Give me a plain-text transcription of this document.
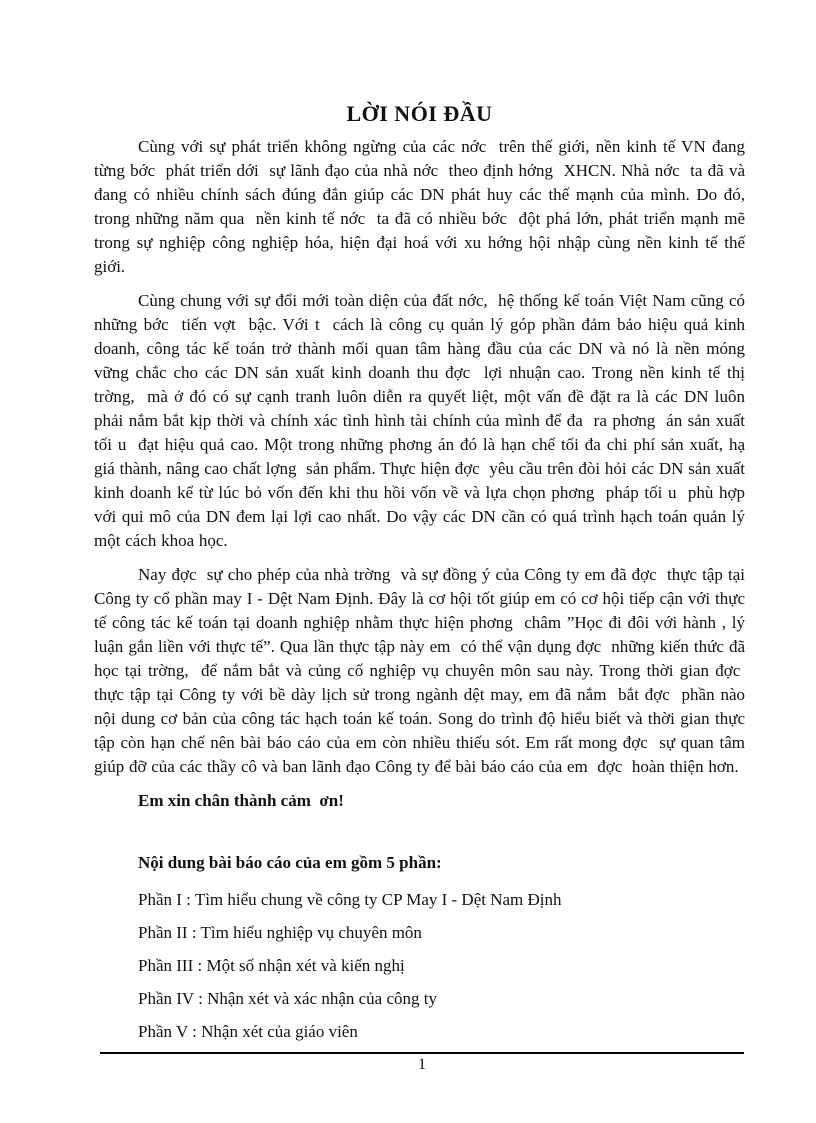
LỜI NÓI ĐẦU

Cùng với sự phát triển không ngừng của các nớc  trên thế giới, nền kinh tế VN đang từng bớc  phát triển dới  sự lãnh đạo của nhà nớc  theo định hớng  XHCN. Nhà nớc  ta đã và đang có nhiều chính sách đúng đắn giúp các DN phát huy các thế mạnh của mình. Do đó, trong những năm qua  nền kinh tế nớc  ta đã có nhiều bớc  đột phá lớn, phát triển mạnh mẽ trong sự nghiệp công nghiệp hóa, hiện đại hoá với xu hớng hội nhập cùng nền kinh tế thế giới.

Cùng chung với sự đổi mới toàn diện của đất nớc,  hệ thống kế toán Việt Nam cũng có những bớc  tiến vợt  bậc. Với t  cách là công cụ quản lý góp phần đảm bảo hiệu quả kinh doanh, công tác kế toán trở thành mối quan tâm hàng đầu của các DN và nó là nền móng vững chắc cho các DN sản xuất kinh doanh thu đợc  lợi nhuận cao. Trong nền kinh tế thị trờng,  mà ở đó có sự cạnh tranh luôn diễn ra quyết liệt, một vấn đề đặt ra là các DN luôn phải nắm bắt kịp thời và chính xác tình hình tài chính của mình để đa  ra phơng  án sản xuất tối u  đạt hiệu quả cao. Một trong những phơng án đó là hạn chế tối đa chi phí sản xuất, hạ giá thành, nâng cao chất lợng  sản phẩm. Thực hiện đợc  yêu cầu trên đòi hỏi các DN sản xuất kinh doanh kể từ lúc bỏ vốn đến khi thu hồi vốn về và lựa chọn phơng  pháp tối u  phù hợp với qui mô của DN đem lại lợi cao nhất. Do vậy các DN cần có quá trình hạch toán quản lý một cách khoa học.

Nay đợc  sự cho phép của nhà trờng  và sự đồng ý của Công ty em đã đợc  thực tập tại Công ty cổ phần may I - Dệt Nam Định. Đây là cơ hội tốt giúp em có cơ hội tiếp cận với thực tế công tác kế toán tại doanh nghiệp nhằm thực hiện phơng  châm ”Học đi đôi với hành , lý luận gắn liền với thực tế”. Qua lần thực tập này em  có thể vận dụng đợc  những kiến thức đã học tại trờng,  để nắm bắt và củng cố nghiệp vụ chuyên môn sau này. Trong thời gian đợc  thực tập tại Công ty với bề dày lịch sử trong ngành dệt may, em đã nắm  bắt đợc  phần nào nội dung cơ bản của công tác hạch toán kế toán. Song do trình độ hiểu biết và thời gian thực tập còn hạn chế nên bài báo cáo của em còn nhiều thiếu sót. Em rất mong đợc  sự quan tâm giúp đỡ của các thầy cô và ban lãnh đạo Công ty để bài báo cáo của em  đợc  hoàn thiện hơn.

Em xin chân thành cảm  ơn!

Nội dung bài báo cáo của em gồm 5 phần:

Phần I : Tìm hiểu chung về công ty CP May I - Dệt Nam Định

Phần II : Tìm hiểu nghiệp vụ chuyên môn

Phần III : Một số nhận xét và kiến nghị

Phần IV : Nhận xét và xác nhận của công ty

Phần V : Nhận xét của giáo viên

1
